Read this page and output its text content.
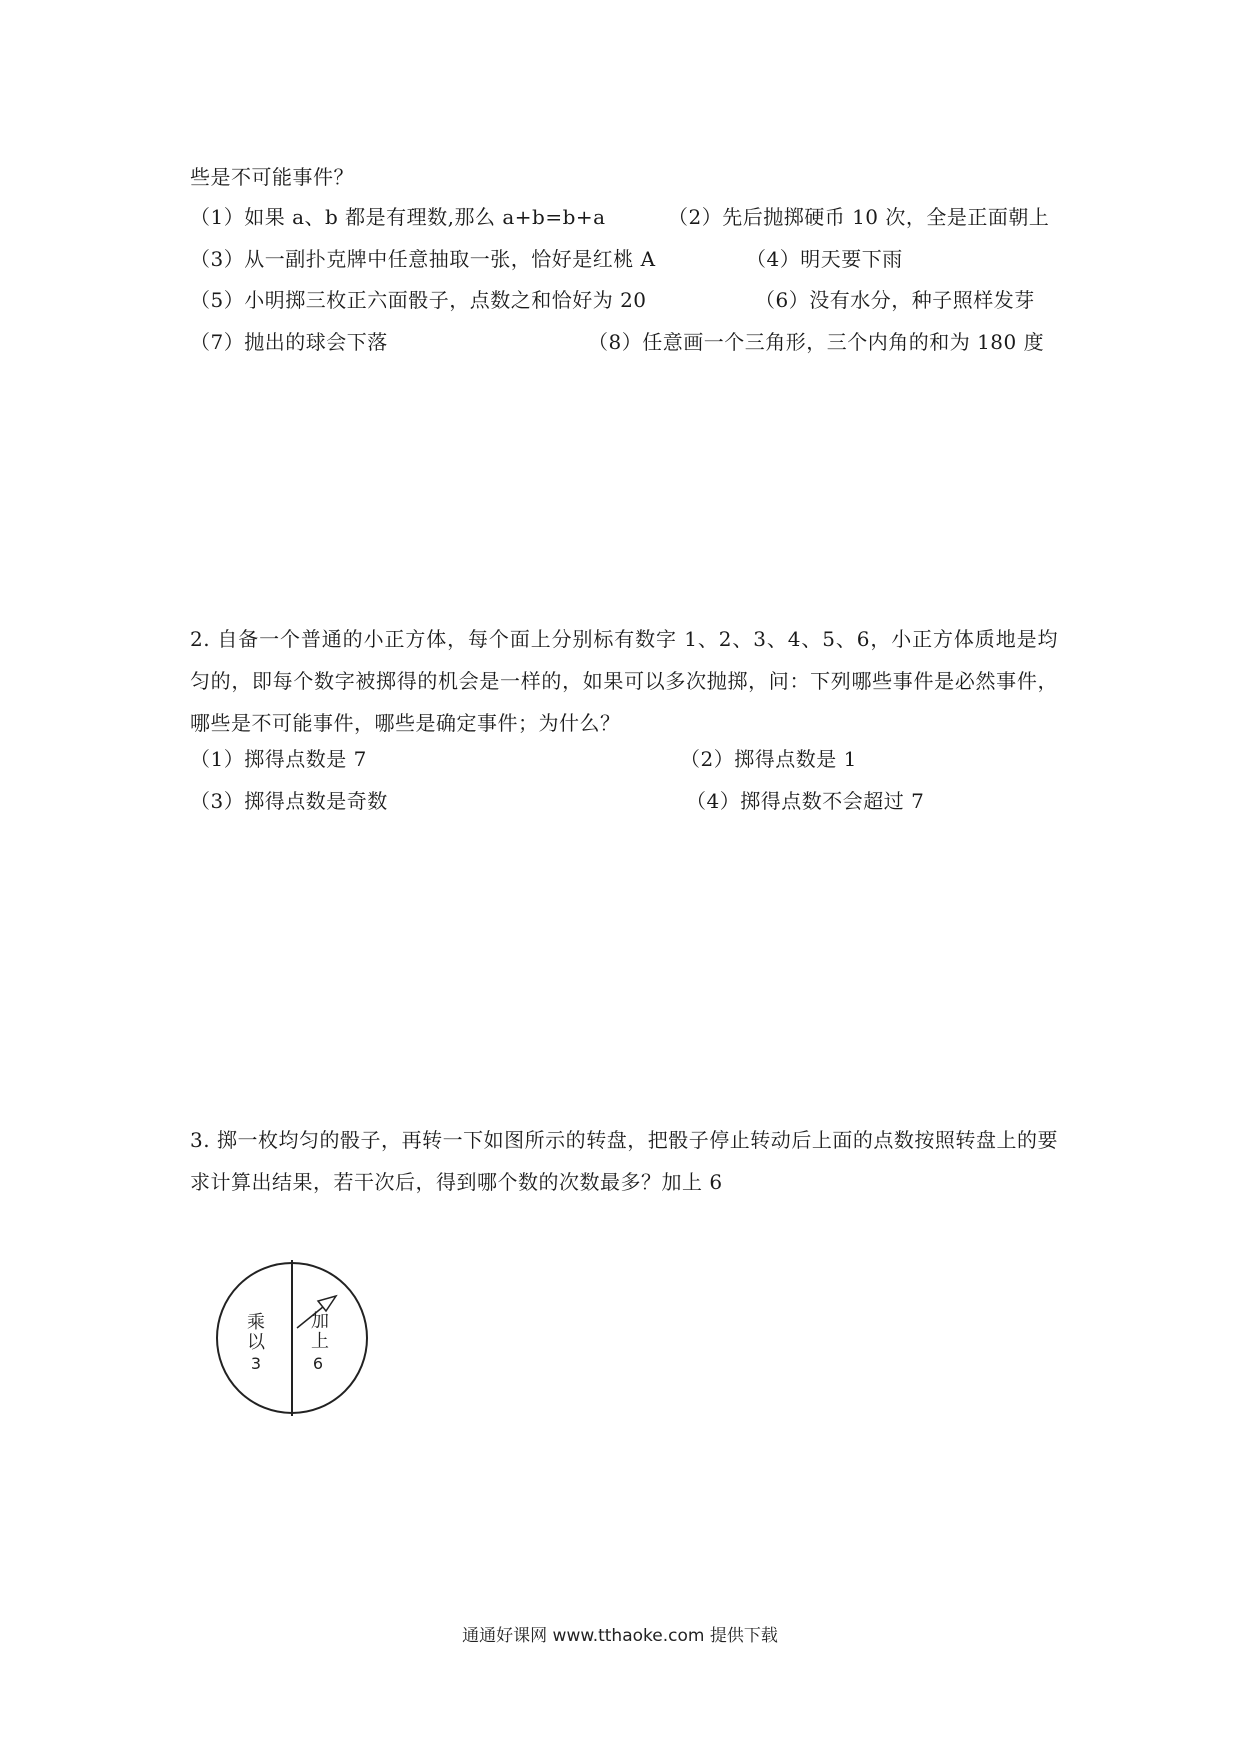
些是不可能事件？
（1）如果 a、b 都是有理数,那么 a+b=b+a	（2）先后抛掷硬币 10 次，全是正面朝上
（3）从一副扑克牌中任意抽取一张，恰好是红桃 A	（4）明天要下雨
（5）小明掷三枚正六面骰子，点数之和恰好为 20	（6）没有水分，种子照样发芽
（7）抛出的球会下落	（8）任意画一个三角形，三个内角的和为 180 度
2. 自备一个普通的小正方体，每个面上分别标有数字 1、2、3、4、5、6，小正方体质地是均匀的，即每个数字被掷得的机会是一样的，如果可以多次抛掷，问：下列哪些事件是必然事件，哪些是不可能事件，哪些是确定事件；为什么？
（1）掷得点数是 7	（2）掷得点数是 1
（3）掷得点数是奇数	（4）掷得点数不会超过 7
3. 掷一枚均匀的骰子，再转一下如图所示的转盘，把骰子停止转动后上面的点数按照转盘上的要求计算出结果，若干次后，得到哪个数的次数最多？加上 6
乘
以
3
加
上
6
通通好课网 www.tthaoke.com 提供下载
